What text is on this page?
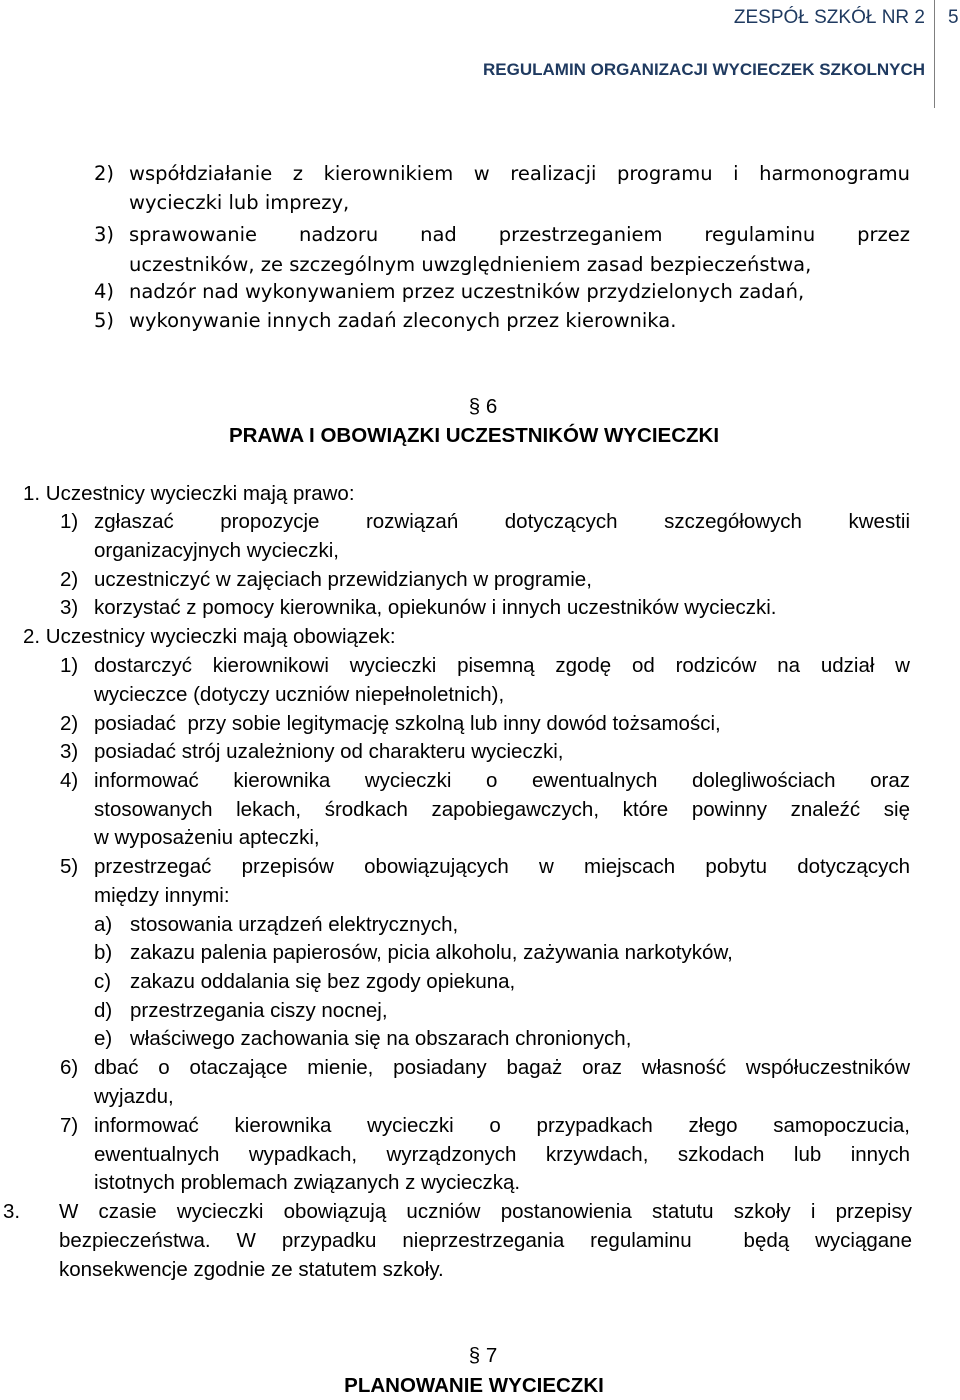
ZESPÓŁ SZKÓŁ NR 2 5
REGULAMIN ORGANIZACJI WYCIECZEK SZKOLNYCH
2) współdziałanie z kierownikiem w realizacji programu i harmonogramu
wycieczki lub imprezy,
3) sprawowanie nadzoru nad przestrzeganiem regulaminu przez
uczestników, ze szczególnym uwzględnieniem zasad bezpieczeństwa,
4) nadzór nad wykonywaniem przez uczestników przydzielonych zadań,
5) wykonywanie innych zadań zleconych przez kierownika.
§ 6
PRAWA I OBOWIĄZKI UCZESTNIKÓW WYCIECZKI
1. Uczestnicy wycieczki mają prawo:
1) zgłaszać propozycje rozwiązań dotyczących szczegółowych kwestii
organizacyjnych wycieczki,
2) uczestniczyć w zajęciach przewidzianych w programie,
3) korzystać z pomocy kierownika, opiekunów i innych uczestników wycieczki.
2. Uczestnicy wycieczki mają obowiązek:
1) dostarczyć kierownikowi wycieczki pisemną zgodę od rodziców na udział w
wycieczce (dotyczy uczniów niepełnoletnich),
2) posiadać  przy sobie legitymację szkolną lub inny dowód tożsamości,
3) posiadać strój uzależniony od charakteru wycieczki,
4) informować kierownika wycieczki o ewentualnych dolegliwościach oraz
stosowanych lekach, środkach zapobiegawczych, które powinny znaleźć się
w wyposażeniu apteczki,
5) przestrzegać przepisów obowiązujących w miejscach pobytu dotyczących
między innymi:
a) stosowania urządzeń elektrycznych,
b) zakazu palenia papierosów, picia alkoholu, zażywania narkotyków,
c) zakazu oddalania się bez zgody opiekuna,
d) przestrzegania ciszy nocnej,
e) właściwego zachowania się na obszarach chronionych,
6) dbać o otaczające mienie, posiadany bagaż oraz własność współuczestników
wyjazdu,
7) informować kierownika wycieczki o przypadkach złego samopoczucia,
ewentualnych wypadkach, wyrządzonych krzywdach, szkodach lub innych
istotnych problemach związanych z wycieczką.
3. W czasie wycieczki obowiązują uczniów postanowienia statutu szkoły i przepisy
bezpieczeństwa. W przypadku nieprzestrzegania regulaminu  będą wyciągane
konsekwencje zgodnie ze statutem szkoły.
§ 7
PLANOWANIE WYCIECZKI
